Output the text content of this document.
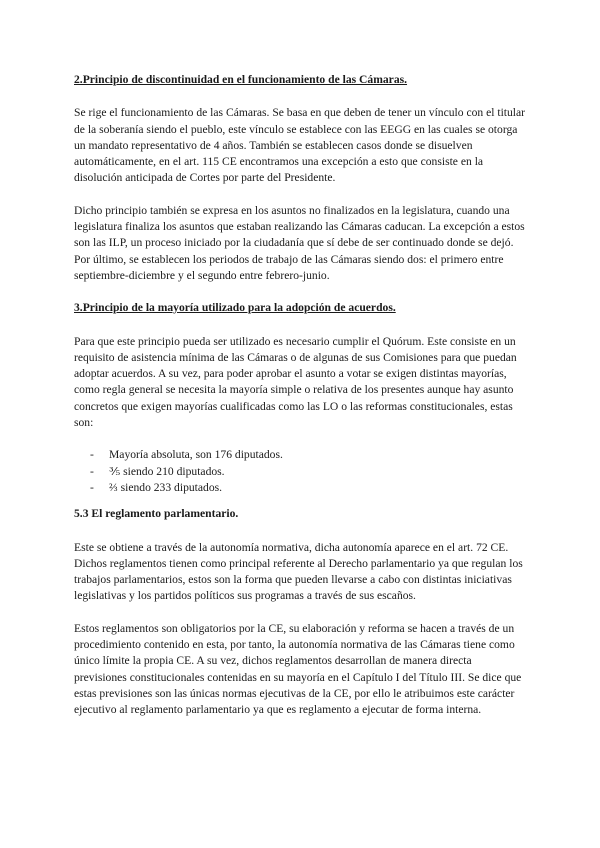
2.Principio de discontinuidad en el funcionamiento de las Cámaras.

Se rige el funcionamiento de las Cámaras. Se basa en que deben de tener un vínculo con el titular de la soberanía siendo el pueblo, este vínculo se establece con las EEGG en las cuales se otorga un mandato representativo de 4 años. También se establecen casos donde se disuelven automáticamente, en el art. 115 CE encontramos una excepción a esto que consiste en la disolución anticipada de Cortes por parte del Presidente.

Dicho principio también se expresa en los asuntos no finalizados en la legislatura, cuando una legislatura finaliza los asuntos que estaban realizando las Cámaras caducan. La excepción a estos son las ILP, un proceso iniciado por la ciudadanía que sí debe de ser continuado donde se dejó. Por último, se establecen los periodos de trabajo de las Cámaras siendo dos: el primero entre septiembre-diciembre y el segundo entre febrero-junio.

3.Principio de la mayoría utilizado para la adopción de acuerdos.

Para que este principio pueda ser utilizado es necesario cumplir el Quórum. Este consiste en un requisito de asistencia mínima de las Cámaras o de algunas de sus Comisiones para que puedan adoptar acuerdos. A su vez, para poder aprobar el asunto a votar se exigen distintas mayorías, como regla general se necesita la mayoría simple o relativa de los presentes aunque hay asunto concretos que exigen mayorías cualificadas como las LO o las reformas constitucionales, estas son:

- Mayoría absoluta, son 176 diputados.
- ⅗ siendo 210 diputados.
- ⅔ siendo 233 diputados.

5.3 El reglamento parlamentario.

Este se obtiene a través de la autonomía normativa, dicha autonomía aparece en el art. 72 CE. Dichos reglamentos tienen como principal referente al Derecho parlamentario ya que regulan los trabajos parlamentarios, estos son la forma que pueden llevarse a cabo con distintas iniciativas legislativas y los partidos políticos sus programas a través de sus escaños.

Estos reglamentos son obligatorios por la CE, su elaboración y reforma se hacen a través de un procedimiento contenido en esta, por tanto, la autonomía normativa de las Cámaras tiene como único límite la propia CE. A su vez, dichos reglamentos desarrollan de manera directa previsiones constitucionales contenidas en su mayoría en el Capítulo I del Título III. Se dice que estas previsiones son las únicas normas ejecutivas de la CE, por ello le atribuimos este carácter ejecutivo al reglamento parlamentario ya que es reglamento a ejecutar de forma interna.
